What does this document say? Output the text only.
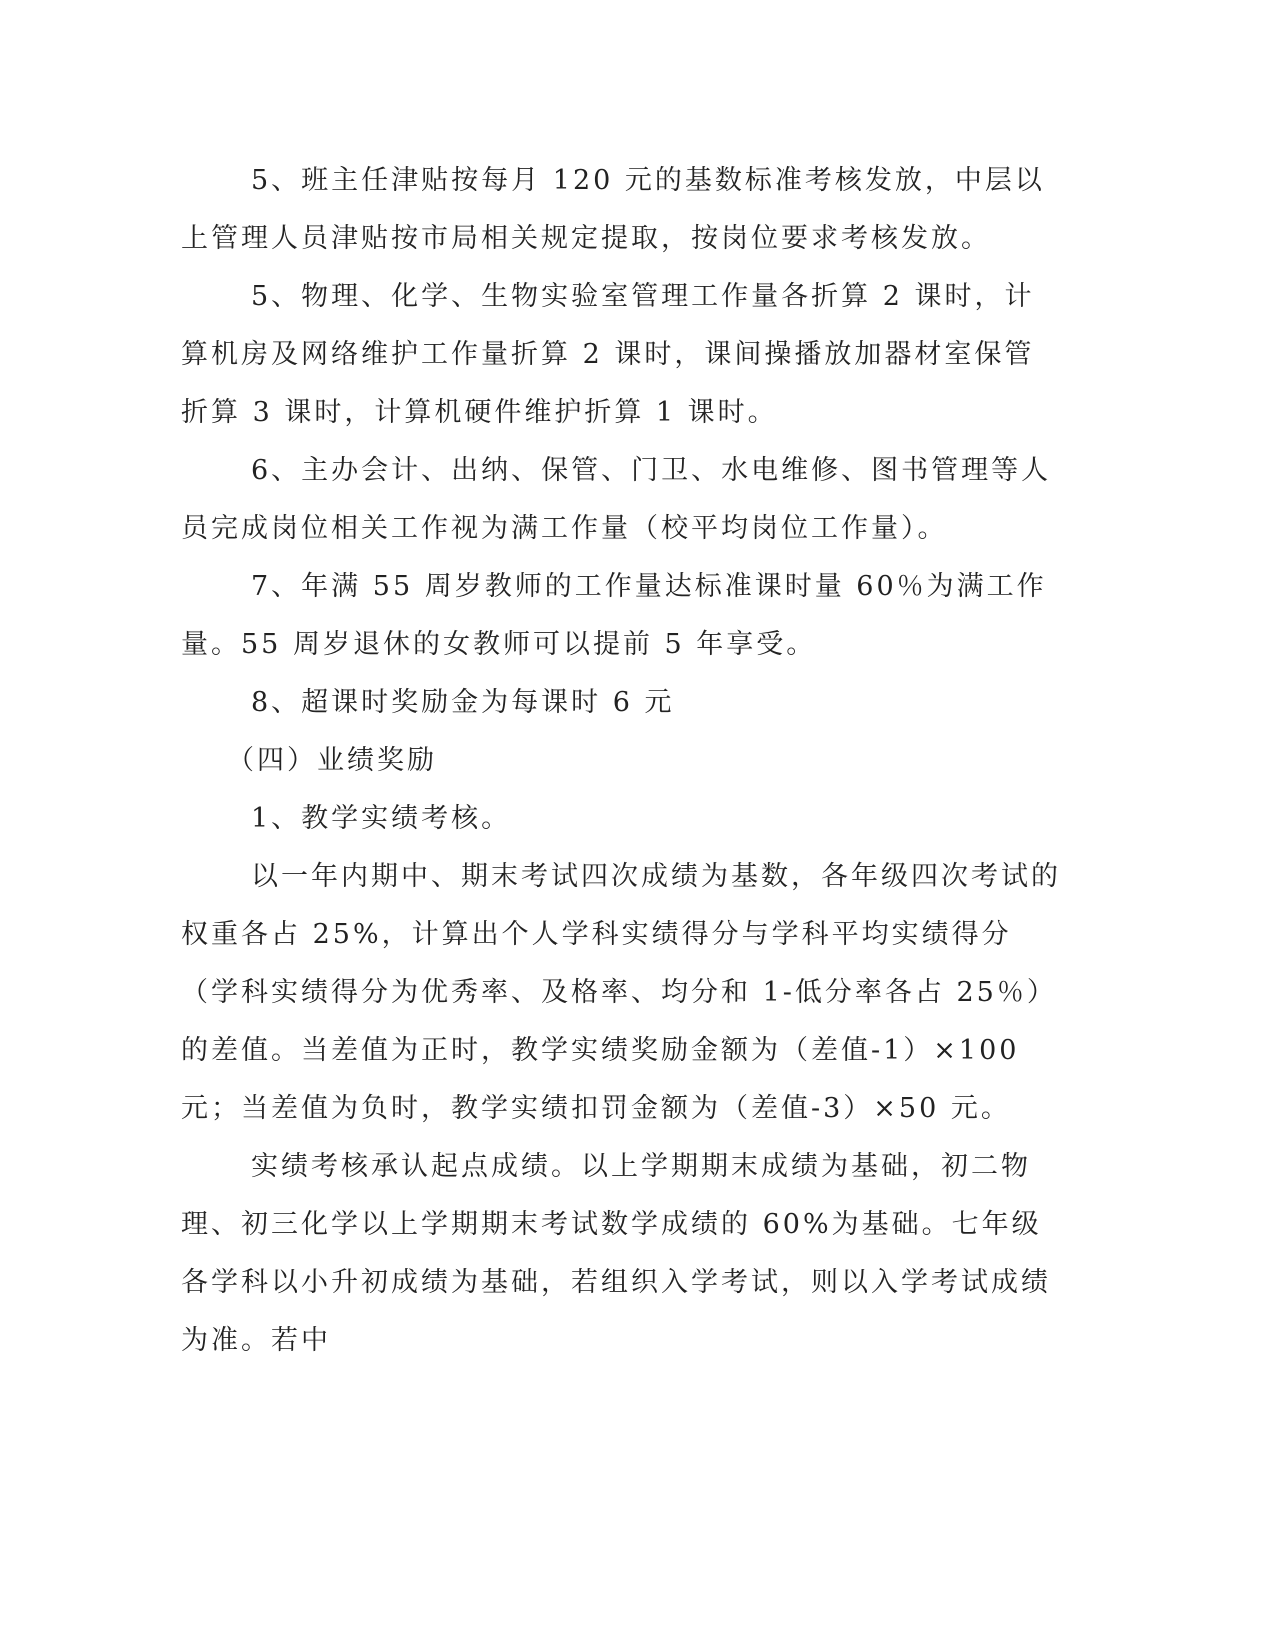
5、班主任津贴按每月 120 元的基数标准考核发放，中层以上管理人员津贴按市局相关规定提取，按岗位要求考核发放。

5、物理、化学、生物实验室管理工作量各折算 2 课时，计算机房及网络维护工作量折算 2 课时，课间操播放加器材室保管折算 3 课时，计算机硬件维护折算 1 课时。

6、主办会计、出纳、保管、门卫、水电维修、图书管理等人员完成岗位相关工作视为满工作量（校平均岗位工作量）。

7、年满 55 周岁教师的工作量达标准课时量 60％为满工作量。55 周岁退休的女教师可以提前 5 年享受。

8、超课时奖励金为每课时 6 元

（四）业绩奖励

1、教学实绩考核。

以一年内期中、期末考试四次成绩为基数，各年级四次考试的权重各占 25%，计算出个人学科实绩得分与学科平均实绩得分（学科实绩得分为优秀率、及格率、均分和 1-低分率各占 25％）的差值。当差值为正时，教学实绩奖励金额为（差值-1）×100 元；当差值为负时，教学实绩扣罚金额为（差值-3）×50 元。

实绩考核承认起点成绩。以上学期期末成绩为基础，初二物理、初三化学以上学期期末考试数学成绩的 60%为基础。七年级各学科以小升初成绩为基础，若组织入学考试，则以入学考试成绩为准。若中
